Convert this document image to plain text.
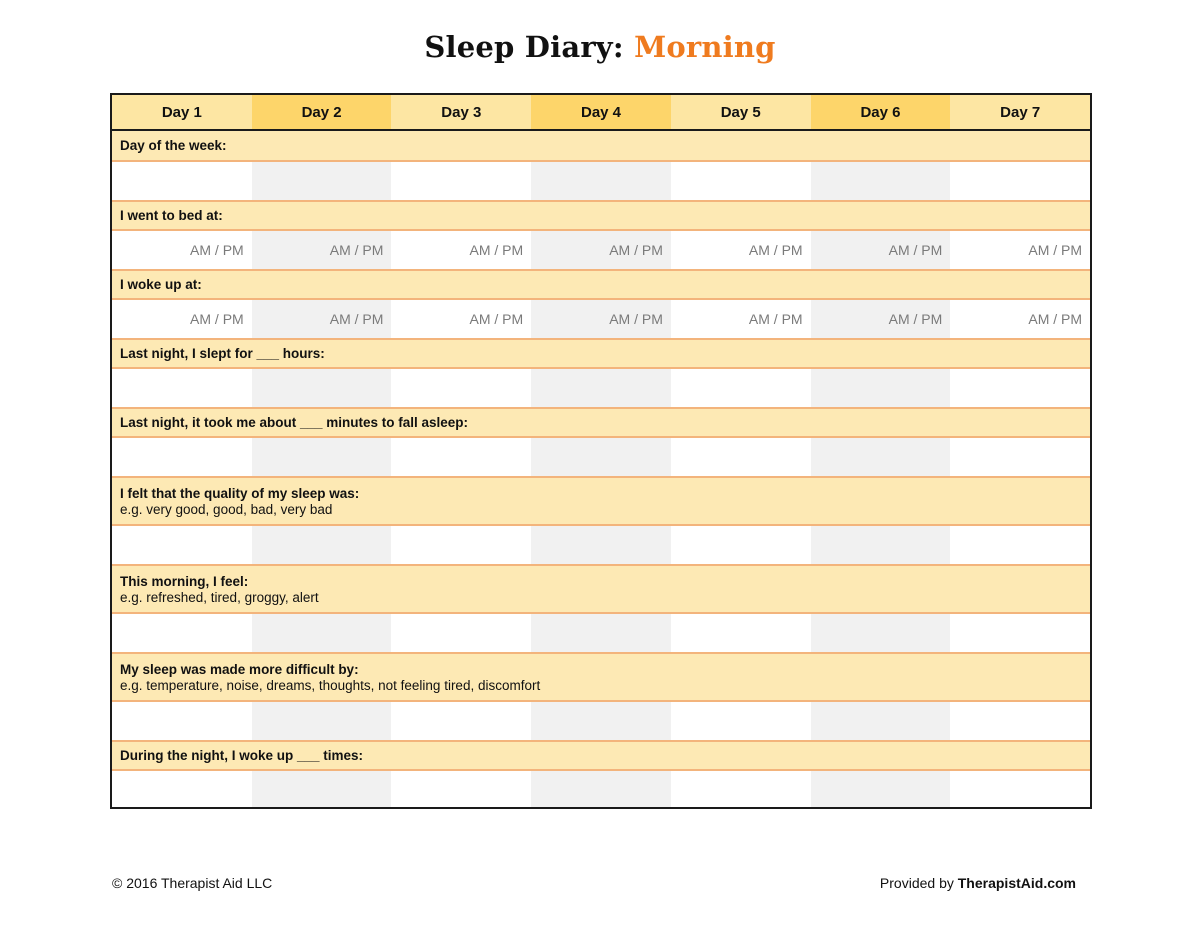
Sleep Diary: Morning
Day 1	Day 2	Day 3	Day 4	Day 5	Day 6	Day 7
Day of the week:
I went to bed at:
AM / PM	AM / PM	AM / PM	AM / PM	AM / PM	AM / PM	AM / PM
I woke up at:
AM / PM	AM / PM	AM / PM	AM / PM	AM / PM	AM / PM	AM / PM
Last night, I slept for ___ hours:
Last night, it took me about ___ minutes to fall asleep:
I felt that the quality of my sleep was:
e.g. very good, good, bad, very bad
This morning, I feel:
e.g. refreshed, tired, groggy, alert
My sleep was made more difficult by:
e.g. temperature, noise, dreams, thoughts, not feeling tired, discomfort
During the night, I woke up ___ times:
© 2016 Therapist Aid LLC	Provided by TherapistAid.com
